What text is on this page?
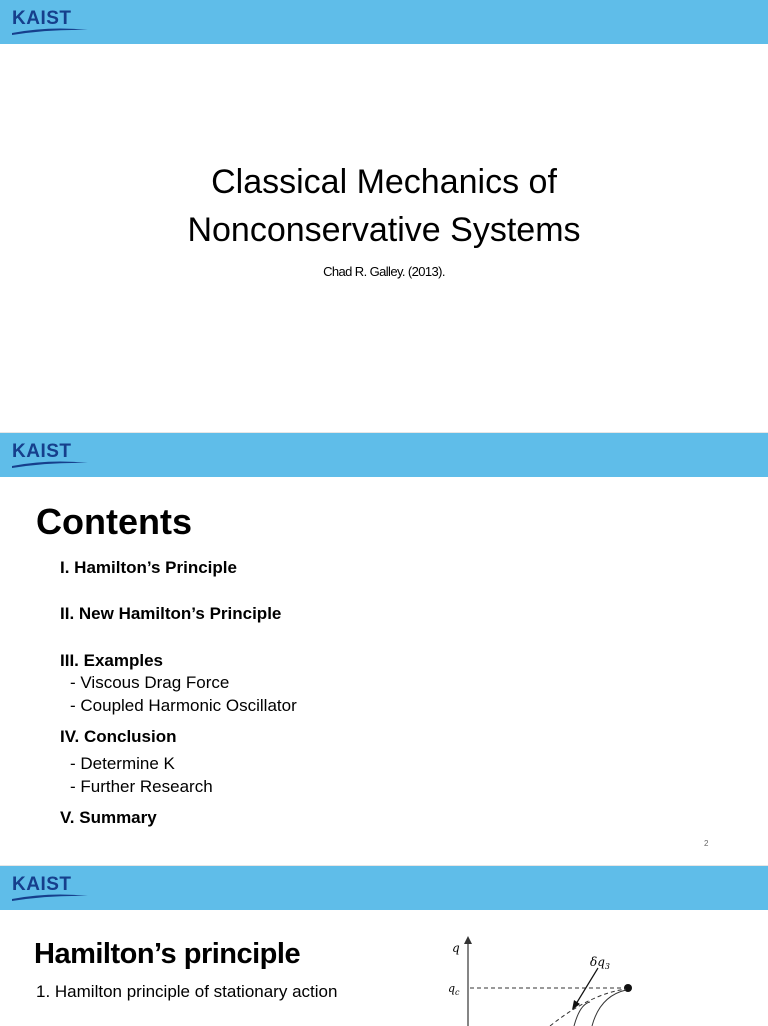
KAIST
Classical Mechanics of
Nonconservative Systems
Chad R. Galley. (2013).
KAIST
Contents
I. Hamilton’s Principle
II. New Hamilton’s Principle
III. Examples
- Viscous Drag Force
- Coupled Harmonic Oscillator
IV. Conclusion
- Determine K
- Further Research
V. Summary
2
KAIST
Hamilton’s principle
1. Hamilton principle of stationary action
q
$q_c$
$\delta q_3$
